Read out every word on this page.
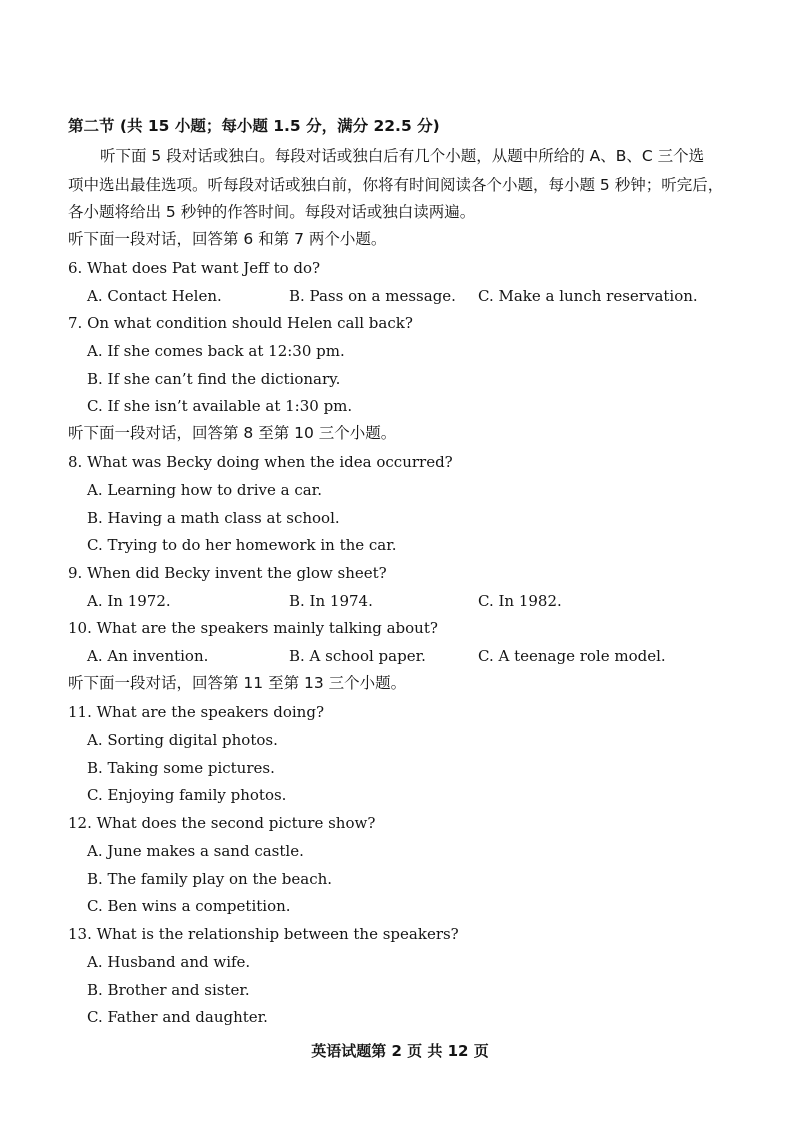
第二节 (共 15 小题；每小题 1.5 分，满分 22.5 分)
听下面 5 段对话或独白。每段对话或独白后有几个小题，从题中所给的 A、B、C 三个选
项中选出最佳选项。听每段对话或独白前，你将有时间阅读各个小题，每小题 5 秒钟；听完后，
各小题将给出 5 秒钟的作答时间。每段对话或独白读两遍。
听下面一段对话，回答第 6 和第 7 两个小题。
6. What does Pat want Jeff to do?
A. Contact Helen.	B. Pass on a message. C. Make a lunch reservation.
7. On what condition should Helen call back?
A. If she comes back at 12:30 pm.
B. If she can’t find the dictionary.
C. If she isn’t available at 1:30 pm.
听下面一段对话，回答第 8 至第 10 三个小题。
8. What was Becky doing when the idea occurred?
A. Learning how to drive a car.
B. Having a math class at school.
C. Trying to do her homework in the car.
9. When did Becky invent the glow sheet?
A. In 1972.	B. In 1974.	C. In 1982.
10. What are the speakers mainly talking about?
A. An invention.	B. A school paper.	C. A teenage role model.
听下面一段对话，回答第 11 至第 13 三个小题。
11. What are the speakers doing?
A. Sorting digital photos.
B. Taking some pictures.
C. Enjoying family photos.
12. What does the second picture show?
A. June makes a sand castle.
B. The family play on the beach.
C. Ben wins a competition.
13. What is the relationship between the speakers?
A. Husband and wife.
B. Brother and sister.
C. Father and daughter.
英语试题第 2 页 共 12 页
